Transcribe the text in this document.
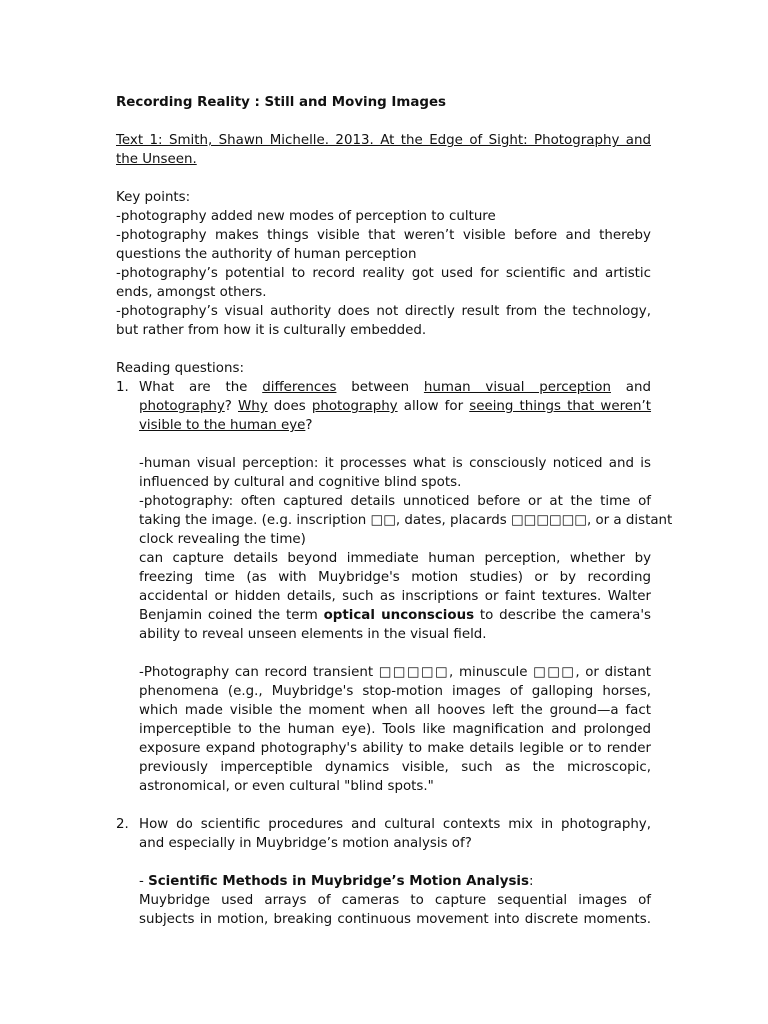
Recording Reality : Still and Moving Images
Text 1: Smith, Shawn Michelle. 2013. At the Edge of Sight: Photography and
the Unseen.
Key points:
-photography added new modes of perception to culture
-photography makes things visible that weren’t visible before and thereby
questions the authority of human perception
-photography’s potential to record reality got used for scientific and artistic
ends, amongst others.
-photography’s visual authority does not directly result from the technology,
but rather from how it is culturally embedded.
Reading questions:
1. What are the differences between human visual perception and
photography? Why does photography allow for seeing things that weren’t
visible to the human eye?
-human visual perception: it processes what is consciously noticed and is
influenced by cultural and cognitive blind spots.
-photography: often captured details unnoticed before or at the time of
taking the image. (e.g. inscription □□, dates, placards □□□□□□, or a distant
clock revealing the time)
can capture details beyond immediate human perception, whether by
freezing time (as with Muybridge's motion studies) or by recording
accidental or hidden details, such as inscriptions or faint textures. Walter
Benjamin coined the term optical unconscious to describe the camera's
ability to reveal unseen elements in the visual field.
-Photography can record transient □□□□□, minuscule □□□, or distant
phenomena (e.g., Muybridge's stop-motion images of galloping horses,
which made visible the moment when all hooves left the ground—a fact
imperceptible to the human eye). Tools like magnification and prolonged
exposure expand photography's ability to make details legible or to render
previously imperceptible dynamics visible, such as the microscopic,
astronomical, or even cultural "blind spots."
2. How do scientific procedures and cultural contexts mix in photography,
and especially in Muybridge’s motion analysis of?
- Scientific Methods in Muybridge’s Motion Analysis:
Muybridge used arrays of cameras to capture sequential images of
subjects in motion, breaking continuous movement into discrete moments.
